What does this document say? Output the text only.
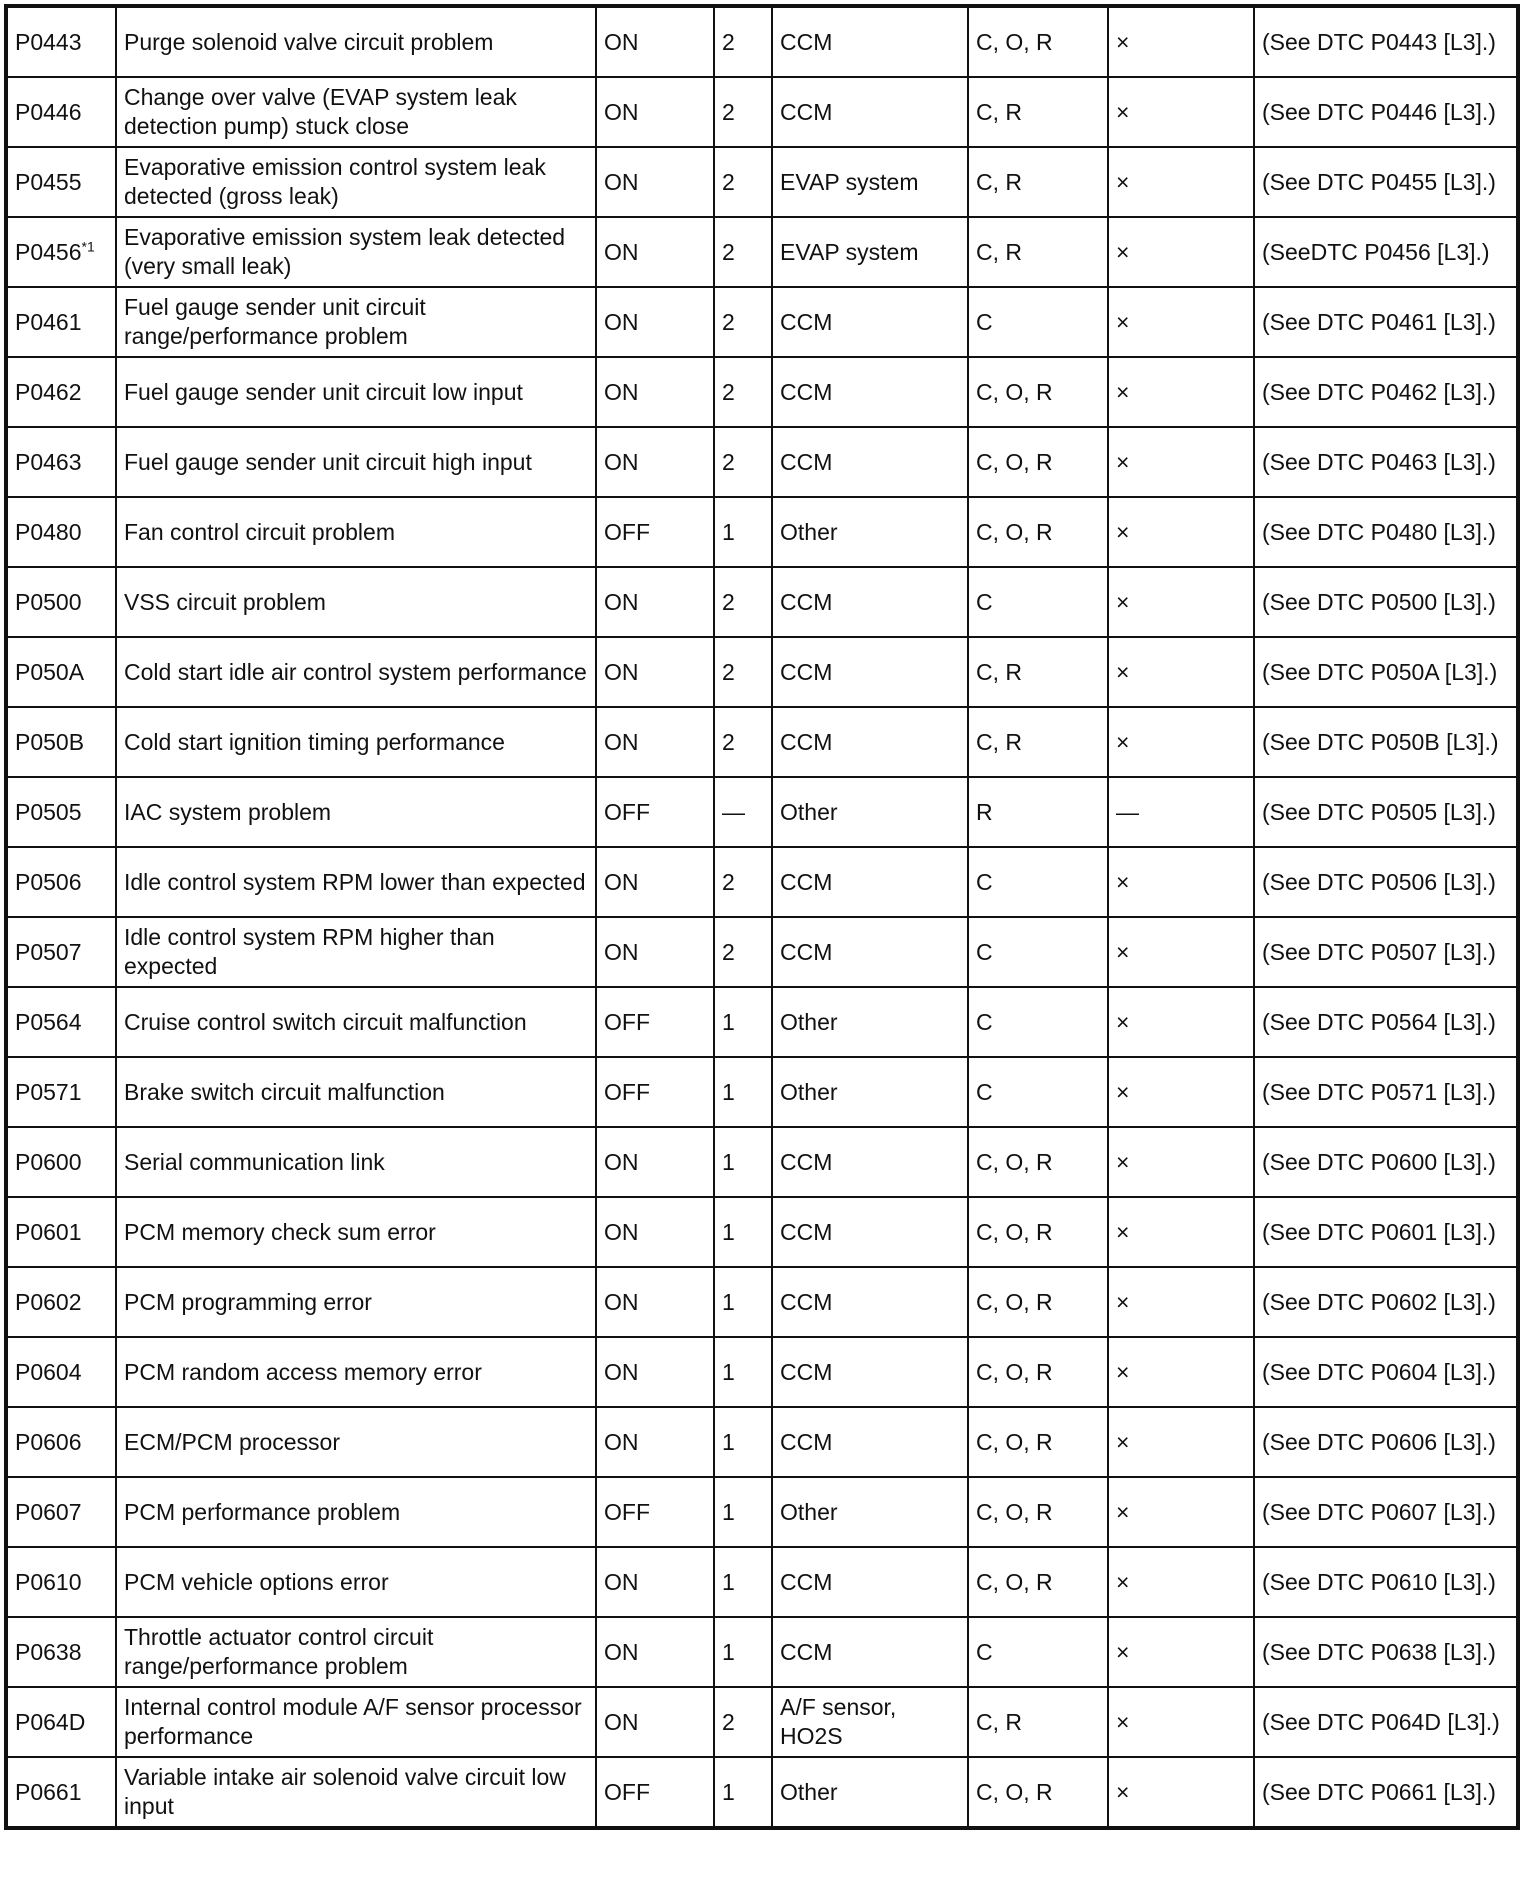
P0443	Purge solenoid valve circuit problem	ON	2	CCM	C, O, R	×	(See DTC P0443 [L3].)
P0446	Change over valve (EVAP system leak detection pump) stuck close	ON	2	CCM	C, R	×	(See DTC P0446 [L3].)
P0455	Evaporative emission control system leak detected (gross leak)	ON	2	EVAP system	C, R	×	(See DTC P0455 [L3].)
P0456$^{*1}$	Evaporative emission system leak detected (very small leak)	ON	2	EVAP system	C, R	×	(SeeDTC P0456 [L3].)
P0461	Fuel gauge sender unit circuit range/performance problem	ON	2	CCM	C	×	(See DTC P0461 [L3].)
P0462	Fuel gauge sender unit circuit low input	ON	2	CCM	C, O, R	×	(See DTC P0462 [L3].)
P0463	Fuel gauge sender unit circuit high input	ON	2	CCM	C, O, R	×	(See DTC P0463 [L3].)
P0480	Fan control circuit problem	OFF	1	Other	C, O, R	×	(See DTC P0480 [L3].)
P0500	VSS circuit problem	ON	2	CCM	C	×	(See DTC P0500 [L3].)
P050A	Cold start idle air control system performance	ON	2	CCM	C, R	×	(See DTC P050A [L3].)
P050B	Cold start ignition timing performance	ON	2	CCM	C, R	×	(See DTC P050B [L3].)
P0505	IAC system problem	OFF	—	Other	R	—	(See DTC P0505 [L3].)
P0506	Idle control system RPM lower than expected	ON	2	CCM	C	×	(See DTC P0506 [L3].)
P0507	Idle control system RPM higher than expected	ON	2	CCM	C	×	(See DTC P0507 [L3].)
P0564	Cruise control switch circuit malfunction	OFF	1	Other	C	×	(See DTC P0564 [L3].)
P0571	Brake switch circuit malfunction	OFF	1	Other	C	×	(See DTC P0571 [L3].)
P0600	Serial communication link	ON	1	CCM	C, O, R	×	(See DTC P0600 [L3].)
P0601	PCM memory check sum error	ON	1	CCM	C, O, R	×	(See DTC P0601 [L3].)
P0602	PCM programming error	ON	1	CCM	C, O, R	×	(See DTC P0602 [L3].)
P0604	PCM random access memory error	ON	1	CCM	C, O, R	×	(See DTC P0604 [L3].)
P0606	ECM/PCM processor	ON	1	CCM	C, O, R	×	(See DTC P0606 [L3].)
P0607	PCM performance problem	OFF	1	Other	C, O, R	×	(See DTC P0607 [L3].)
P0610	PCM vehicle options error	ON	1	CCM	C, O, R	×	(See DTC P0610 [L3].)
P0638	Throttle actuator control circuit range/performance problem	ON	1	CCM	C	×	(See DTC P0638 [L3].)
P064D	Internal control module A/F sensor processor performance	ON	2	A/F sensor, HO2S	C, R	×	(See DTC P064D [L3].)
P0661	Variable intake air solenoid valve circuit low input	OFF	1	Other	C, O, R	×	(See DTC P0661 [L3].)
